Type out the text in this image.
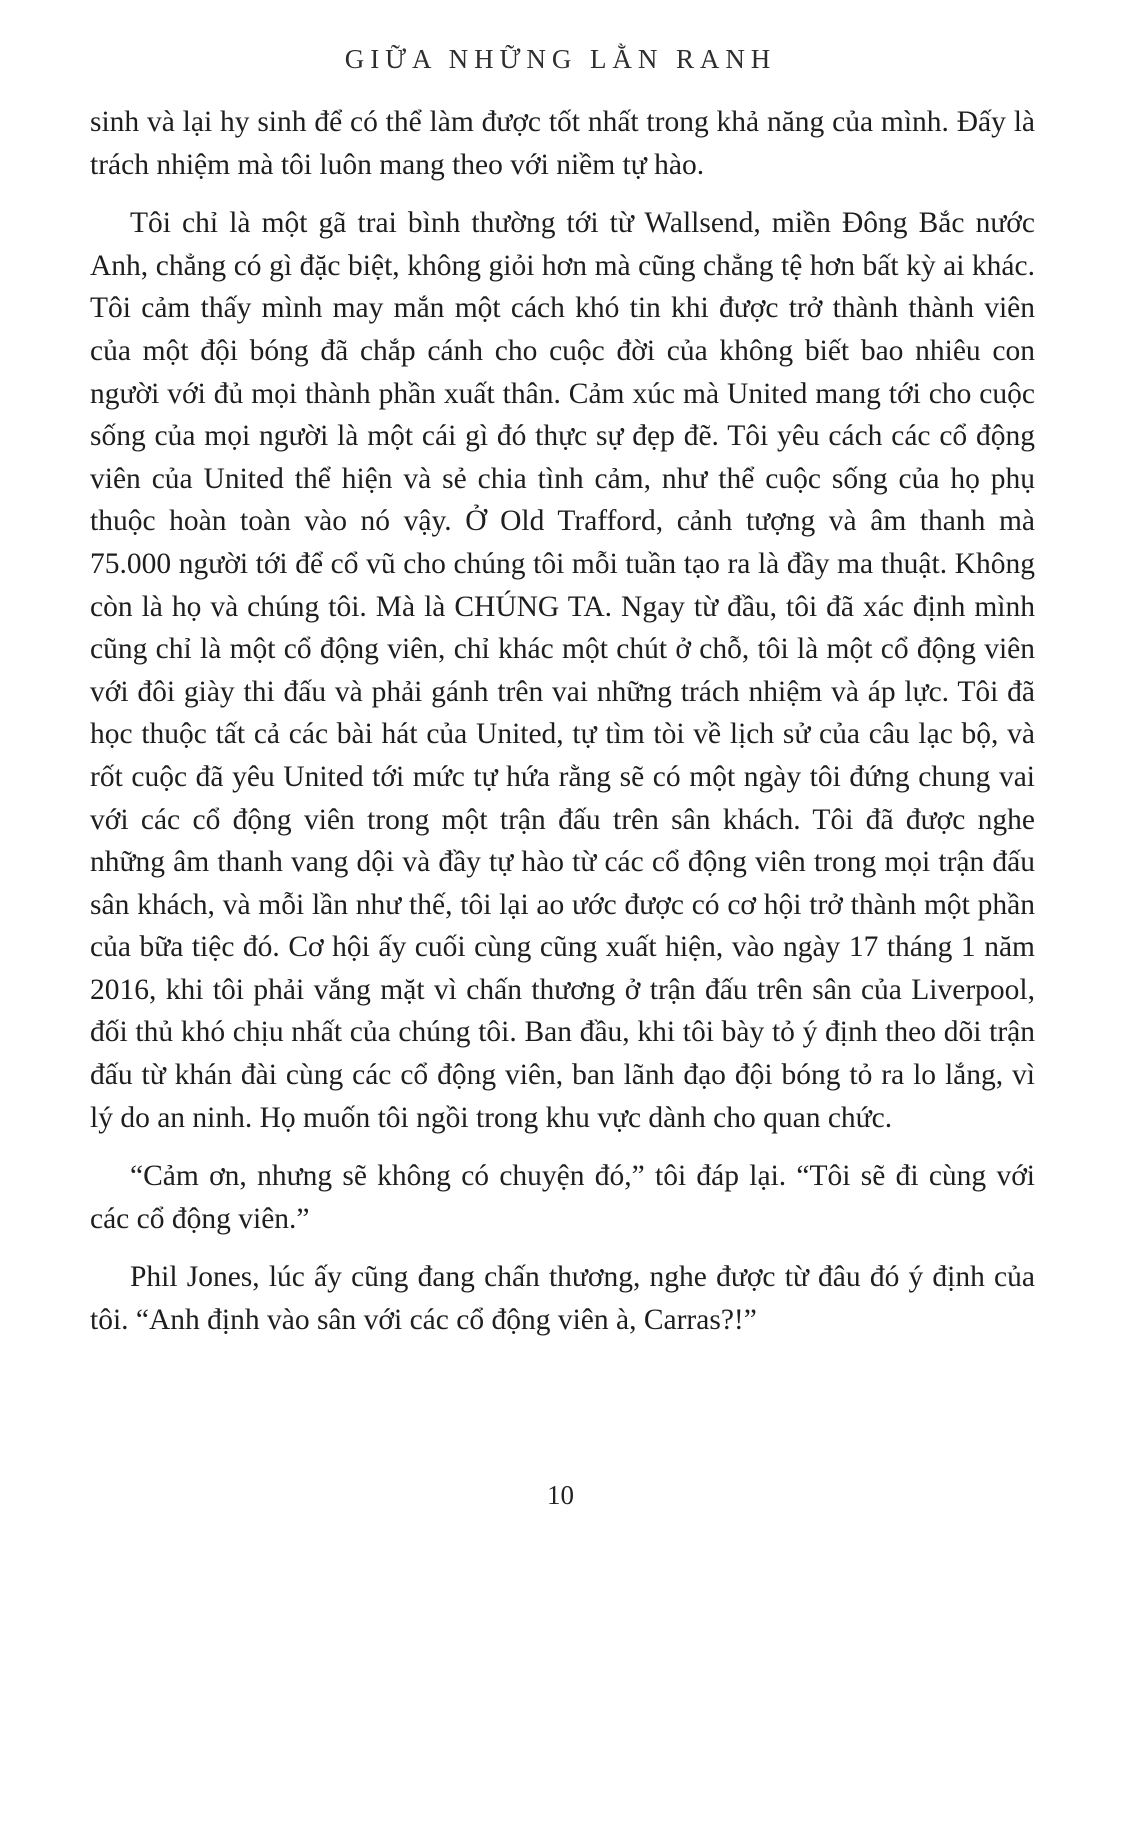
GIỮA NHỮNG LẰN RANH

sinh và lại hy sinh để có thể làm được tốt nhất trong khả năng của mình. Đấy là trách nhiệm mà tôi luôn mang theo với niềm tự hào.

Tôi chỉ là một gã trai bình thường tới từ Wallsend, miền Đông Bắc nước Anh, chẳng có gì đặc biệt, không giỏi hơn mà cũng chẳng tệ hơn bất kỳ ai khác. Tôi cảm thấy mình may mắn một cách khó tin khi được trở thành thành viên của một đội bóng đã chắp cánh cho cuộc đời của không biết bao nhiêu con người với đủ mọi thành phần xuất thân. Cảm xúc mà United mang tới cho cuộc sống của mọi người là một cái gì đó thực sự đẹp đẽ. Tôi yêu cách các cổ động viên của United thể hiện và sẻ chia tình cảm, như thể cuộc sống của họ phụ thuộc hoàn toàn vào nó vậy. Ở Old Trafford, cảnh tượng và âm thanh mà 75.000 người tới để cổ vũ cho chúng tôi mỗi tuần tạo ra là đầy ma thuật. Không còn là họ và chúng tôi. Mà là CHÚNG TA. Ngay từ đầu, tôi đã xác định mình cũng chỉ là một cổ động viên, chỉ khác một chút ở chỗ, tôi là một cổ động viên với đôi giày thi đấu và phải gánh trên vai những trách nhiệm và áp lực. Tôi đã học thuộc tất cả các bài hát của United, tự tìm tòi về lịch sử của câu lạc bộ, và rốt cuộc đã yêu United tới mức tự hứa rằng sẽ có một ngày tôi đứng chung vai với các cổ động viên trong một trận đấu trên sân khách. Tôi đã được nghe những âm thanh vang dội và đầy tự hào từ các cổ động viên trong mọi trận đấu sân khách, và mỗi lần như thế, tôi lại ao ước được có cơ hội trở thành một phần của bữa tiệc đó. Cơ hội ấy cuối cùng cũng xuất hiện, vào ngày 17 tháng 1 năm 2016, khi tôi phải vắng mặt vì chấn thương ở trận đấu trên sân của Liverpool, đối thủ khó chịu nhất của chúng tôi. Ban đầu, khi tôi bày tỏ ý định theo dõi trận đấu từ khán đài cùng các cổ động viên, ban lãnh đạo đội bóng tỏ ra lo lắng, vì lý do an ninh. Họ muốn tôi ngồi trong khu vực dành cho quan chức.

“Cảm ơn, nhưng sẽ không có chuyện đó,” tôi đáp lại. “Tôi sẽ đi cùng với các cổ động viên.”

Phil Jones, lúc ấy cũng đang chấn thương, nghe được từ đâu đó ý định của tôi. “Anh định vào sân với các cổ động viên à, Carras?!”

10
